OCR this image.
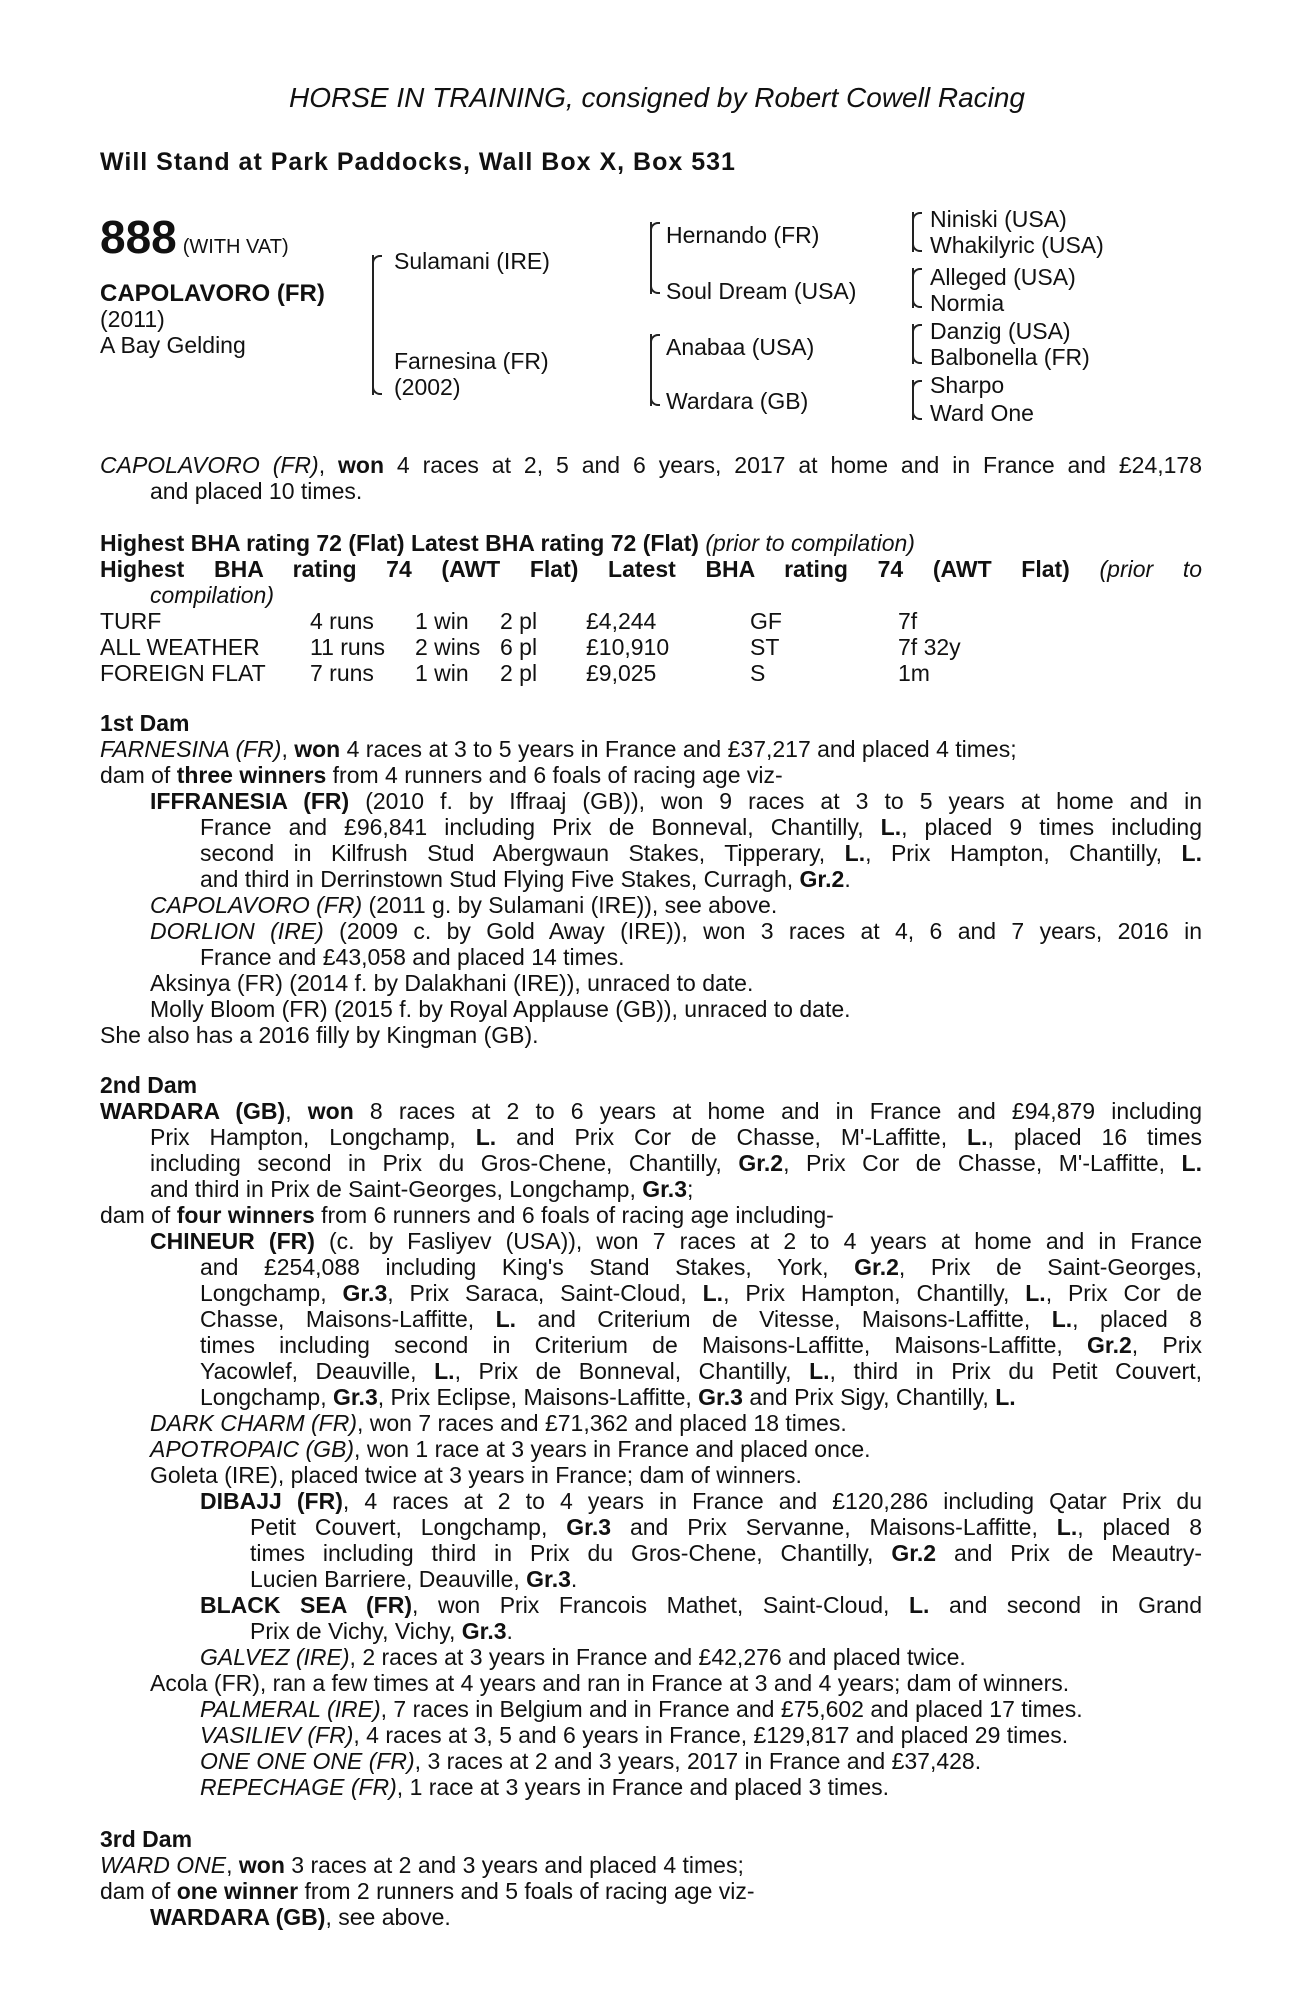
HORSE IN TRAINING, consigned by Robert Cowell Racing
Will Stand at Park Paddocks, Wall Box X, Box 531
888 (WITH VAT)
CAPOLAVORO (FR)
(2011)
A Bay Gelding
Sulamani (IRE)
Farnesina (FR)
(2002)
Hernando (FR)
Soul Dream (USA)
Anabaa (USA)
Wardara (GB)
Niniski (USA)
Whakilyric (USA)
Alleged (USA)
Normia
Danzig (USA)
Balbonella (FR)
Sharpo
Ward One
CAPOLAVORO (FR), won 4 races at 2, 5 and 6 years, 2017 at home and in France and £24,178
and placed 10 times.
Highest BHA rating 72 (Flat) Latest BHA rating 72 (Flat) (prior to compilation)
Highest BHA rating 74 (AWT Flat) Latest BHA rating 74 (AWT Flat) (prior to
compilation)
TURF	4 runs 1 win 2 pl £4,244	GF	7f
ALL WEATHER 11 runs 2 wins 6 pl £10,910	ST	7f 32y
FOREIGN FLAT 7 runs 1 win 2 pl £9,025	S	1m
1st Dam
FARNESINA (FR), won 4 races at 3 to 5 years in France and £37,217 and placed 4 times;
dam of three winners from 4 runners and 6 foals of racing age viz-
IFFRANESIA (FR) (2010 f. by Iffraaj (GB)), won 9 races at 3 to 5 years at home and in
France and £96,841 including Prix de Bonneval, Chantilly, L., placed 9 times including
second in Kilfrush Stud Abergwaun Stakes, Tipperary, L., Prix Hampton, Chantilly, L.
and third in Derrinstown Stud Flying Five Stakes, Curragh, Gr.2.
CAPOLAVORO (FR) (2011 g. by Sulamani (IRE)), see above.
DORLION (IRE) (2009 c. by Gold Away (IRE)), won 3 races at 4, 6 and 7 years, 2016 in
France and £43,058 and placed 14 times.
Aksinya (FR) (2014 f. by Dalakhani (IRE)), unraced to date.
Molly Bloom (FR) (2015 f. by Royal Applause (GB)), unraced to date.
She also has a 2016 filly by Kingman (GB).
2nd Dam
WARDARA (GB), won 8 races at 2 to 6 years at home and in France and £94,879 including
Prix Hampton, Longchamp, L. and Prix Cor de Chasse, M'-Laffitte, L., placed 16 times
including second in Prix du Gros-Chene, Chantilly, Gr.2, Prix Cor de Chasse, M'-Laffitte, L.
and third in Prix de Saint-Georges, Longchamp, Gr.3;
dam of four winners from 6 runners and 6 foals of racing age including-
CHINEUR (FR) (c. by Fasliyev (USA)), won 7 races at 2 to 4 years at home and in France
and £254,088 including King's Stand Stakes, York, Gr.2, Prix de Saint-Georges,
Longchamp, Gr.3, Prix Saraca, Saint-Cloud, L., Prix Hampton, Chantilly, L., Prix Cor de
Chasse, Maisons-Laffitte, L. and Criterium de Vitesse, Maisons-Laffitte, L., placed 8
times including second in Criterium de Maisons-Laffitte, Maisons-Laffitte, Gr.2, Prix
Yacowlef, Deauville, L., Prix de Bonneval, Chantilly, L., third in Prix du Petit Couvert,
Longchamp, Gr.3, Prix Eclipse, Maisons-Laffitte, Gr.3 and Prix Sigy, Chantilly, L.
DARK CHARM (FR), won 7 races and £71,362 and placed 18 times.
APOTROPAIC (GB), won 1 race at 3 years in France and placed once.
Goleta (IRE), placed twice at 3 years in France; dam of winners.
DIBAJJ (FR), 4 races at 2 to 4 years in France and £120,286 including Qatar Prix du
Petit Couvert, Longchamp, Gr.3 and Prix Servanne, Maisons-Laffitte, L., placed 8
times including third in Prix du Gros-Chene, Chantilly, Gr.2 and Prix de Meautry-
Lucien Barriere, Deauville, Gr.3.
BLACK SEA (FR), won Prix Francois Mathet, Saint-Cloud, L. and second in Grand
Prix de Vichy, Vichy, Gr.3.
GALVEZ (IRE), 2 races at 3 years in France and £42,276 and placed twice.
Acola (FR), ran a few times at 4 years and ran in France at 3 and 4 years; dam of winners.
PALMERAL (IRE), 7 races in Belgium and in France and £75,602 and placed 17 times.
VASILIEV (FR), 4 races at 3, 5 and 6 years in France, £129,817 and placed 29 times.
ONE ONE ONE (FR), 3 races at 2 and 3 years, 2017 in France and £37,428.
REPECHAGE (FR), 1 race at 3 years in France and placed 3 times.
3rd Dam
WARD ONE, won 3 races at 2 and 3 years and placed 4 times;
dam of one winner from 2 runners and 5 foals of racing age viz-
WARDARA (GB), see above.
